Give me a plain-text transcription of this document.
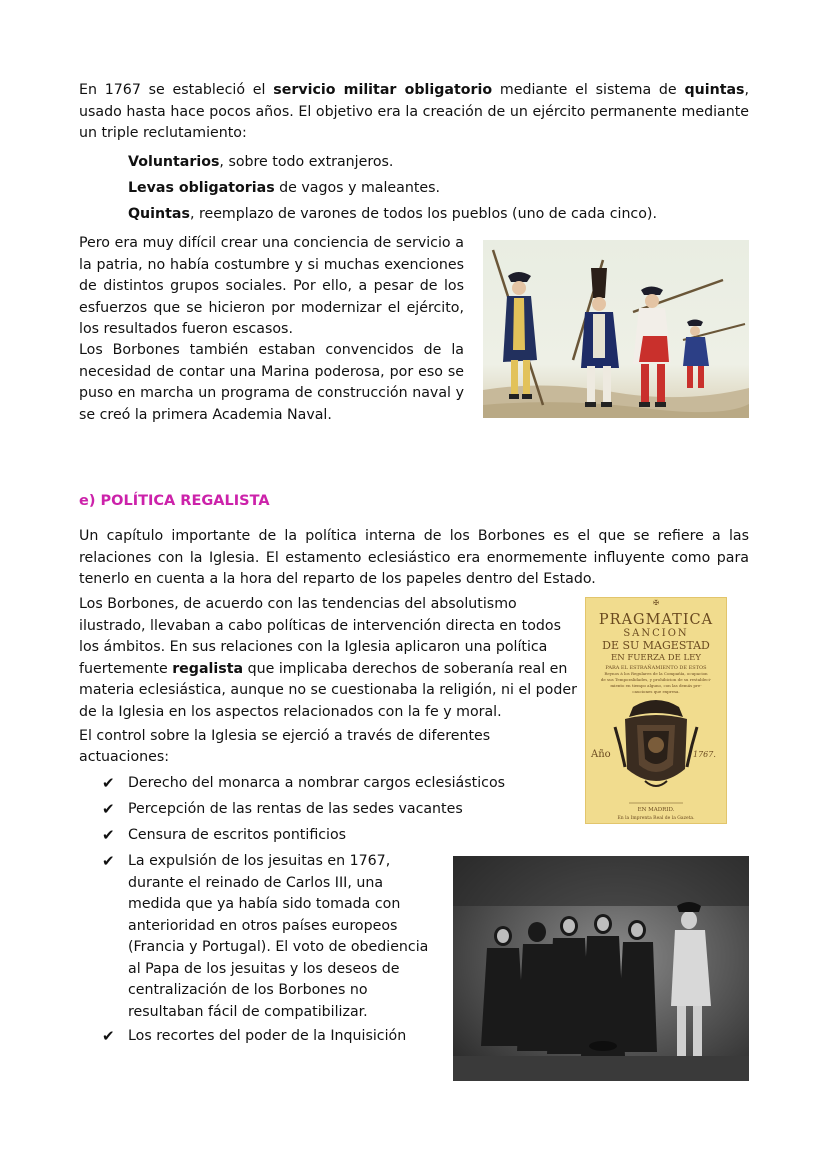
En 1767 se estableció el servicio militar obligatorio mediante el sistema de quintas, usado hasta hace pocos años. El objetivo era la creación de un ejército permanente mediante un triple reclutamiento:
Voluntarios, sobre todo extranjeros.
Levas obligatorias de vagos y maleantes.
Quintas, reemplazo de varones de todos los pueblos (uno de cada cinco).
Pero era muy difícil crear una conciencia de servicio a la patria, no había costumbre y si muchas exenciones de distintos grupos sociales. Por ello, a pesar de los esfuerzos que se hicieron por modernizar el ejército, los resultados fueron escasos.
Los Borbones también estaban convencidos de la necesidad de contar una Marina poderosa, por eso se puso en marcha un programa de construcción naval y se creó la primera Academia Naval.
e) POLÍTICA REGALISTA
Un capítulo importante de la política interna de los Borbones es el que se refiere a las relaciones con la Iglesia. El estamento eclesiástico era enormemente influyente como para tenerlo en cuenta a la hora del reparto de los papeles dentro del Estado.
Los Borbones, de acuerdo con las tendencias del absolutismo
ilustrado, llevaban a cabo políticas de intervención directa en todos
los ámbitos. En sus relaciones con la Iglesia aplicaron una política
fuertemente regalista que implicaba derechos de soberanía real en
materia eclesiástica, aunque no se cuestionaba la religión, ni el poder
de la Iglesia en los aspectos relacionados con la fe y moral.
El control sobre la Iglesia se ejerció a través de diferentes
actuaciones:
✠
PRAGMATICA
SANCION
DE SU MAGESTAD
EN FUERZA DE LEY
PARA EL ESTRAÑAMIENTO DE ESTOS
Reynos à los Regulares de la Compañía, ocupacion
de sus Temporalidades, y prohibicion de su restableci-
miento en tiempo alguno, con las demás pre-
cauciones que expresa.
Año	1767.
EN MADRID.
En la Imprenta Real de la Gazeta.
✔ Derecho del monarca a nombrar cargos eclesiásticos
✔ Percepción de las rentas de las sedes vacantes
✔ Censura de escritos pontificios
✔ La expulsión de los jesuitas en 1767,
durante el reinado de Carlos III, una
medida que ya había sido tomada con
anterioridad en otros países europeos
(Francia y Portugal). El voto de obediencia
al Papa de los jesuitas y los deseos de
centralización de los Borbones no
resultaban fácil de compatibilizar.
✔ Los recortes del poder de la Inquisición
